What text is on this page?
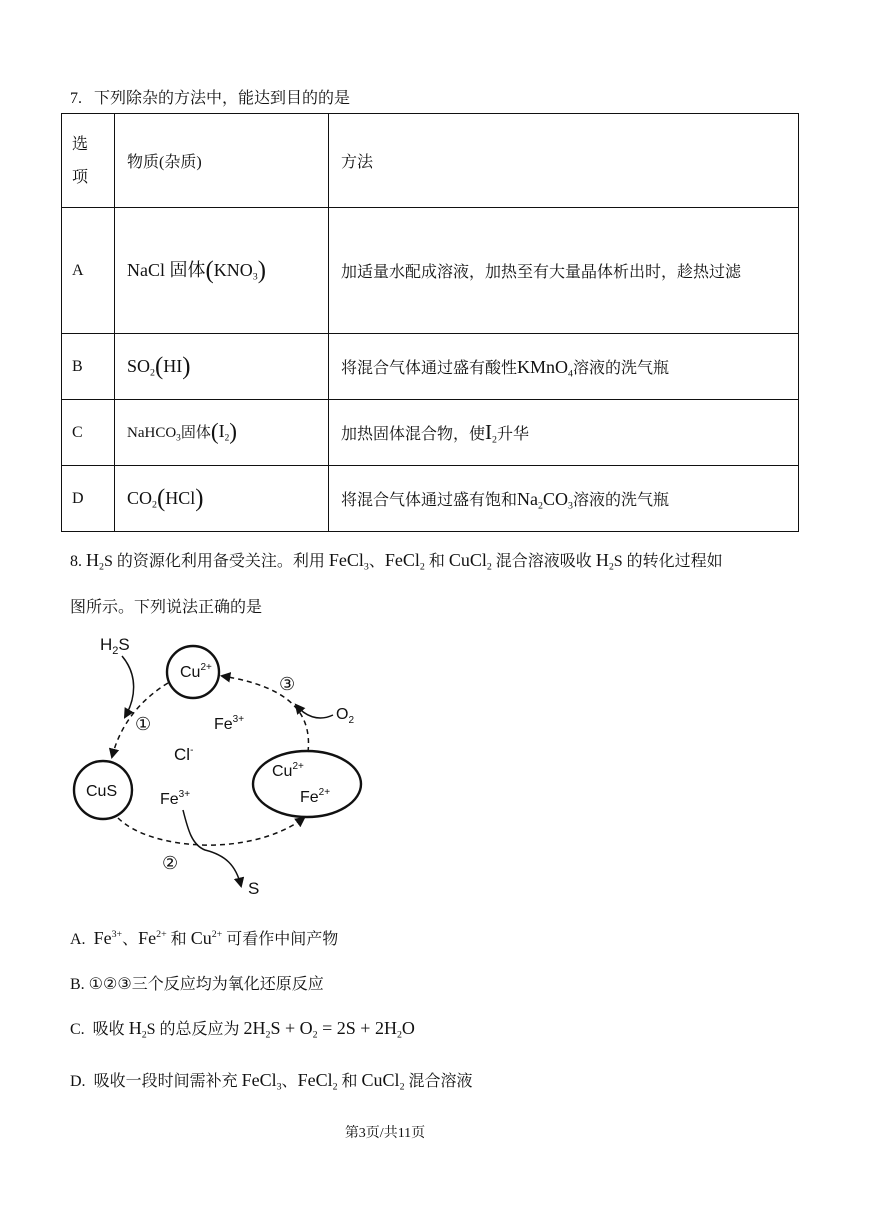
7. 下列除杂的方法中，能达到目的的是
选
项	物质(杂质)	方法
A	NaCl 固体$(KNO_3)$	加适量水配成溶液，加热至有大量晶体析出时，趁热过滤
B	$SO_2(HI)$	将混合气体通过盛有酸性KMnO$_4$溶液的洗气瓶
C	NaHCO$_3$固体$(I_2)$	加热固体混合物，使$I_2$升华
D	$CO_2(HCl)$	将混合气体通过盛有饱和$Na_2CO_3$溶液的洗气瓶
8. $H_2S$ 的资源化利用备受关注。利用 FeCl$_3$、FeCl$_2$ 和 CuCl$_2$ 混合溶液吸收 $H_2S$ 的转化过程如
图所示。下列说法正确的是
$H_2S$
$Cu^{2+}$
①
③
$Fe^{3+}$	$O_2$
Cl-
CuS
$Cu^{2+}$
$Fe^{2+}$
$Fe^{3+}$
②
S
A. $Fe^{3+}$、$Fe^{2+}$ 和 $Cu^{2+}$ 可看作中间产物
B. ①②③三个反应均为氧化还原反应
C. 吸收 $H_2S$ 的总反应为 $2H_2S + O_2 = 2S + 2H_2O$
D. 吸收一段时间需补充 FeCl$_3$、FeCl$_2$ 和 CuCl$_2$ 混合溶液
第3页/共11页
